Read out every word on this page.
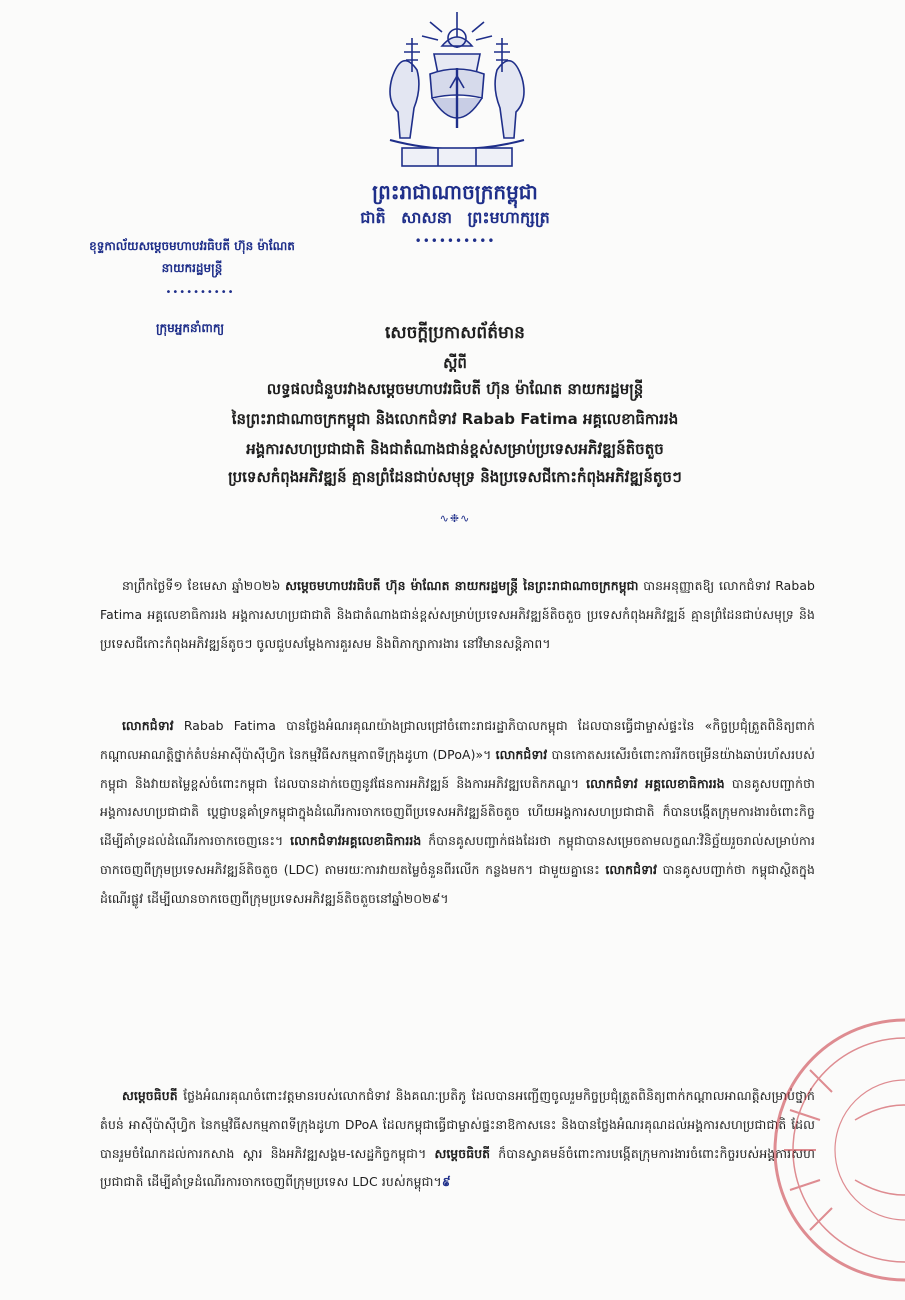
ព្រះរាជាណាចក្រកម្ពុជា
ជាតិ សាសនា ព្រះមហាក្សត្រ
••••••••••
ខុទ្ទកាល័យសម្តេចមហាបវរធិបតី ហ៊ុន ម៉ាណែត
នាយករដ្ឋមន្ត្រី
••••••••••
ក្រុមអ្នកនាំពាក្យ	សេចក្តីប្រកាសព័ត៌មាន
ស្តីពី
លទ្ធផលជំនួបរវាងសម្តេចមហាបវរធិបតី ហ៊ុន ម៉ាណែត នាយករដ្ឋមន្ត្រី
នៃព្រះរាជាណាចក្រកម្ពុជា និងលោកជំទាវ Rabab Fatima អគ្គលេខាធិការរង
អង្គការសហប្រជាជាតិ និងជាតំណាងជាន់ខ្ពស់សម្រាប់ប្រទេសអភិវឌ្ឍន៍តិចតួច
ប្រទេសកំពុងអភិវឌ្ឍន៍ គ្មានព្រំដែនជាប់សមុទ្រ និងប្រទេសជីកោះកំពុងអភិវឌ្ឍន៍តូចៗ
∿❉∿
នាព្រឹកថ្ងៃទី១ ខែមេសា ឆ្នាំ២០២៦ សម្តេចមហាបវរធិបតី ហ៊ុន ម៉ាណែត នាយករដ្ឋមន្ត្រី នៃព្រះរាជាណាចក្រកម្ពុជា បានអនុញ្ញាតឱ្យ លោកជំទាវ Rabab Fatima អគ្គលេខាធិការរង អង្គការសហប្រជាជាតិ និងជាតំណាងជាន់ខ្ពស់សម្រាប់ប្រទេសអភិវឌ្ឍន៍តិចតួច ប្រទេសកំពុងអភិវឌ្ឍន៍ គ្មានព្រំដែនជាប់សមុទ្រ និងប្រទេសជីកោះកំពុងអភិវឌ្ឍន៍តូចៗ ចូលជួបសម្តែងការគួរសម និងពិភាក្សាការងារ នៅវិមានសន្តិភាព។
លោកជំទាវ Rabab Fatima បានថ្លែងអំណរគុណយ៉ាងជ្រាលជ្រៅចំពោះរាជរដ្ឋាភិបាលកម្ពុជា ដែលបានធ្វើជាម្ចាស់ផ្ទះនៃ «កិច្ចប្រជុំត្រួតពិនិត្យពាក់កណ្តាលអាណត្តិថ្នាក់តំបន់អាស៊ីប៉ាស៊ីហ្វិក នៃកម្មវិធីសកម្មភាពទីក្រុងដូហា (DPoA)»។ លោកជំទាវ បានកោតសរសើរចំពោះការរីកចម្រើនយ៉ាងឆាប់រហ័សរបស់កម្ពុជា និងវាយតម្លៃខ្ពស់ចំពោះកម្ពុជា ដែលបានដាក់ចេញនូវផែនការអភិវឌ្ឍន៍ និងការអភិវឌ្ឍបេតិកភណ្ឌ។ លោកជំទាវ អគ្គលេខាធិការរង បានគូសបញ្ជាក់ថា អង្គការសហប្រជាជាតិ ប្តេជ្ញាបន្តគាំទ្រកម្ពុជាក្នុងដំណើរការចាកចេញពីប្រទេសអភិវឌ្ឍន៍តិចតួច ហើយអង្គការសហប្រជាជាតិ ក៏បានបង្កើតក្រុមការងារចំពោះកិច្ច ដើម្បីគាំទ្រដល់ដំណើរការចាកចេញនេះ។ លោកជំទាវអគ្គលេខាធិការរង ក៏បានគូសបញ្ជាក់ផងដែរថា កម្ពុជាបានសម្រេចតាមលក្ខណៈវិនិច្ឆ័យរួចរាល់សម្រាប់ការចាកចេញពីក្រុមប្រទេសអភិវឌ្ឍន៍តិចតួច (LDC) តាមរយៈការវាយតម្លៃចំនួនពីរលើក កន្លងមក។ ជាមួយគ្នានេះ លោកជំទាវ បានគូសបញ្ជាក់ថា កម្ពុជាស្ថិតក្នុងដំណើរផ្លូវ ដើម្បីឈានចាកចេញពីក្រុមប្រទេសអភិវឌ្ឍន៍តិចតួចនៅឆ្នាំ២០២៩។
សម្តេចធិបតី ថ្លែងអំណរគុណចំពោះវត្តមានរបស់លោកជំទាវ និងគណៈប្រតិភូ ដែលបានអញ្ជើញចូលរួមកិច្ចប្រជុំត្រួតពិនិត្យពាក់កណ្តាលអាណត្តិសម្រាប់ថ្នាក់តំបន់ អាស៊ីប៉ាស៊ីហ្វិក នៃកម្មវិធីសកម្មភាពទីក្រុងដូហា DPoA ដែលកម្ពុជាធ្វើជាម្ចាស់ផ្ទះនាឱកាសនេះ និងបានថ្លែងអំណរគុណដល់អង្គការសហប្រជាជាតិ ដែលបានរួមចំណែកដល់ការកសាង ស្តារ និងអភិវឌ្ឍសង្គម-សេដ្ឋកិច្ចកម្ពុជា។ សម្តេចធិបតី ក៏បានស្វាគមន៍ចំពោះការបង្កើតក្រុមការងារចំពោះកិច្ចរបស់អង្គការសហប្រជាជាតិ ដើម្បីគាំទ្រដំណើរការចាកចេញពីក្រុមប្រទេស LDC របស់កម្ពុជា។៩
